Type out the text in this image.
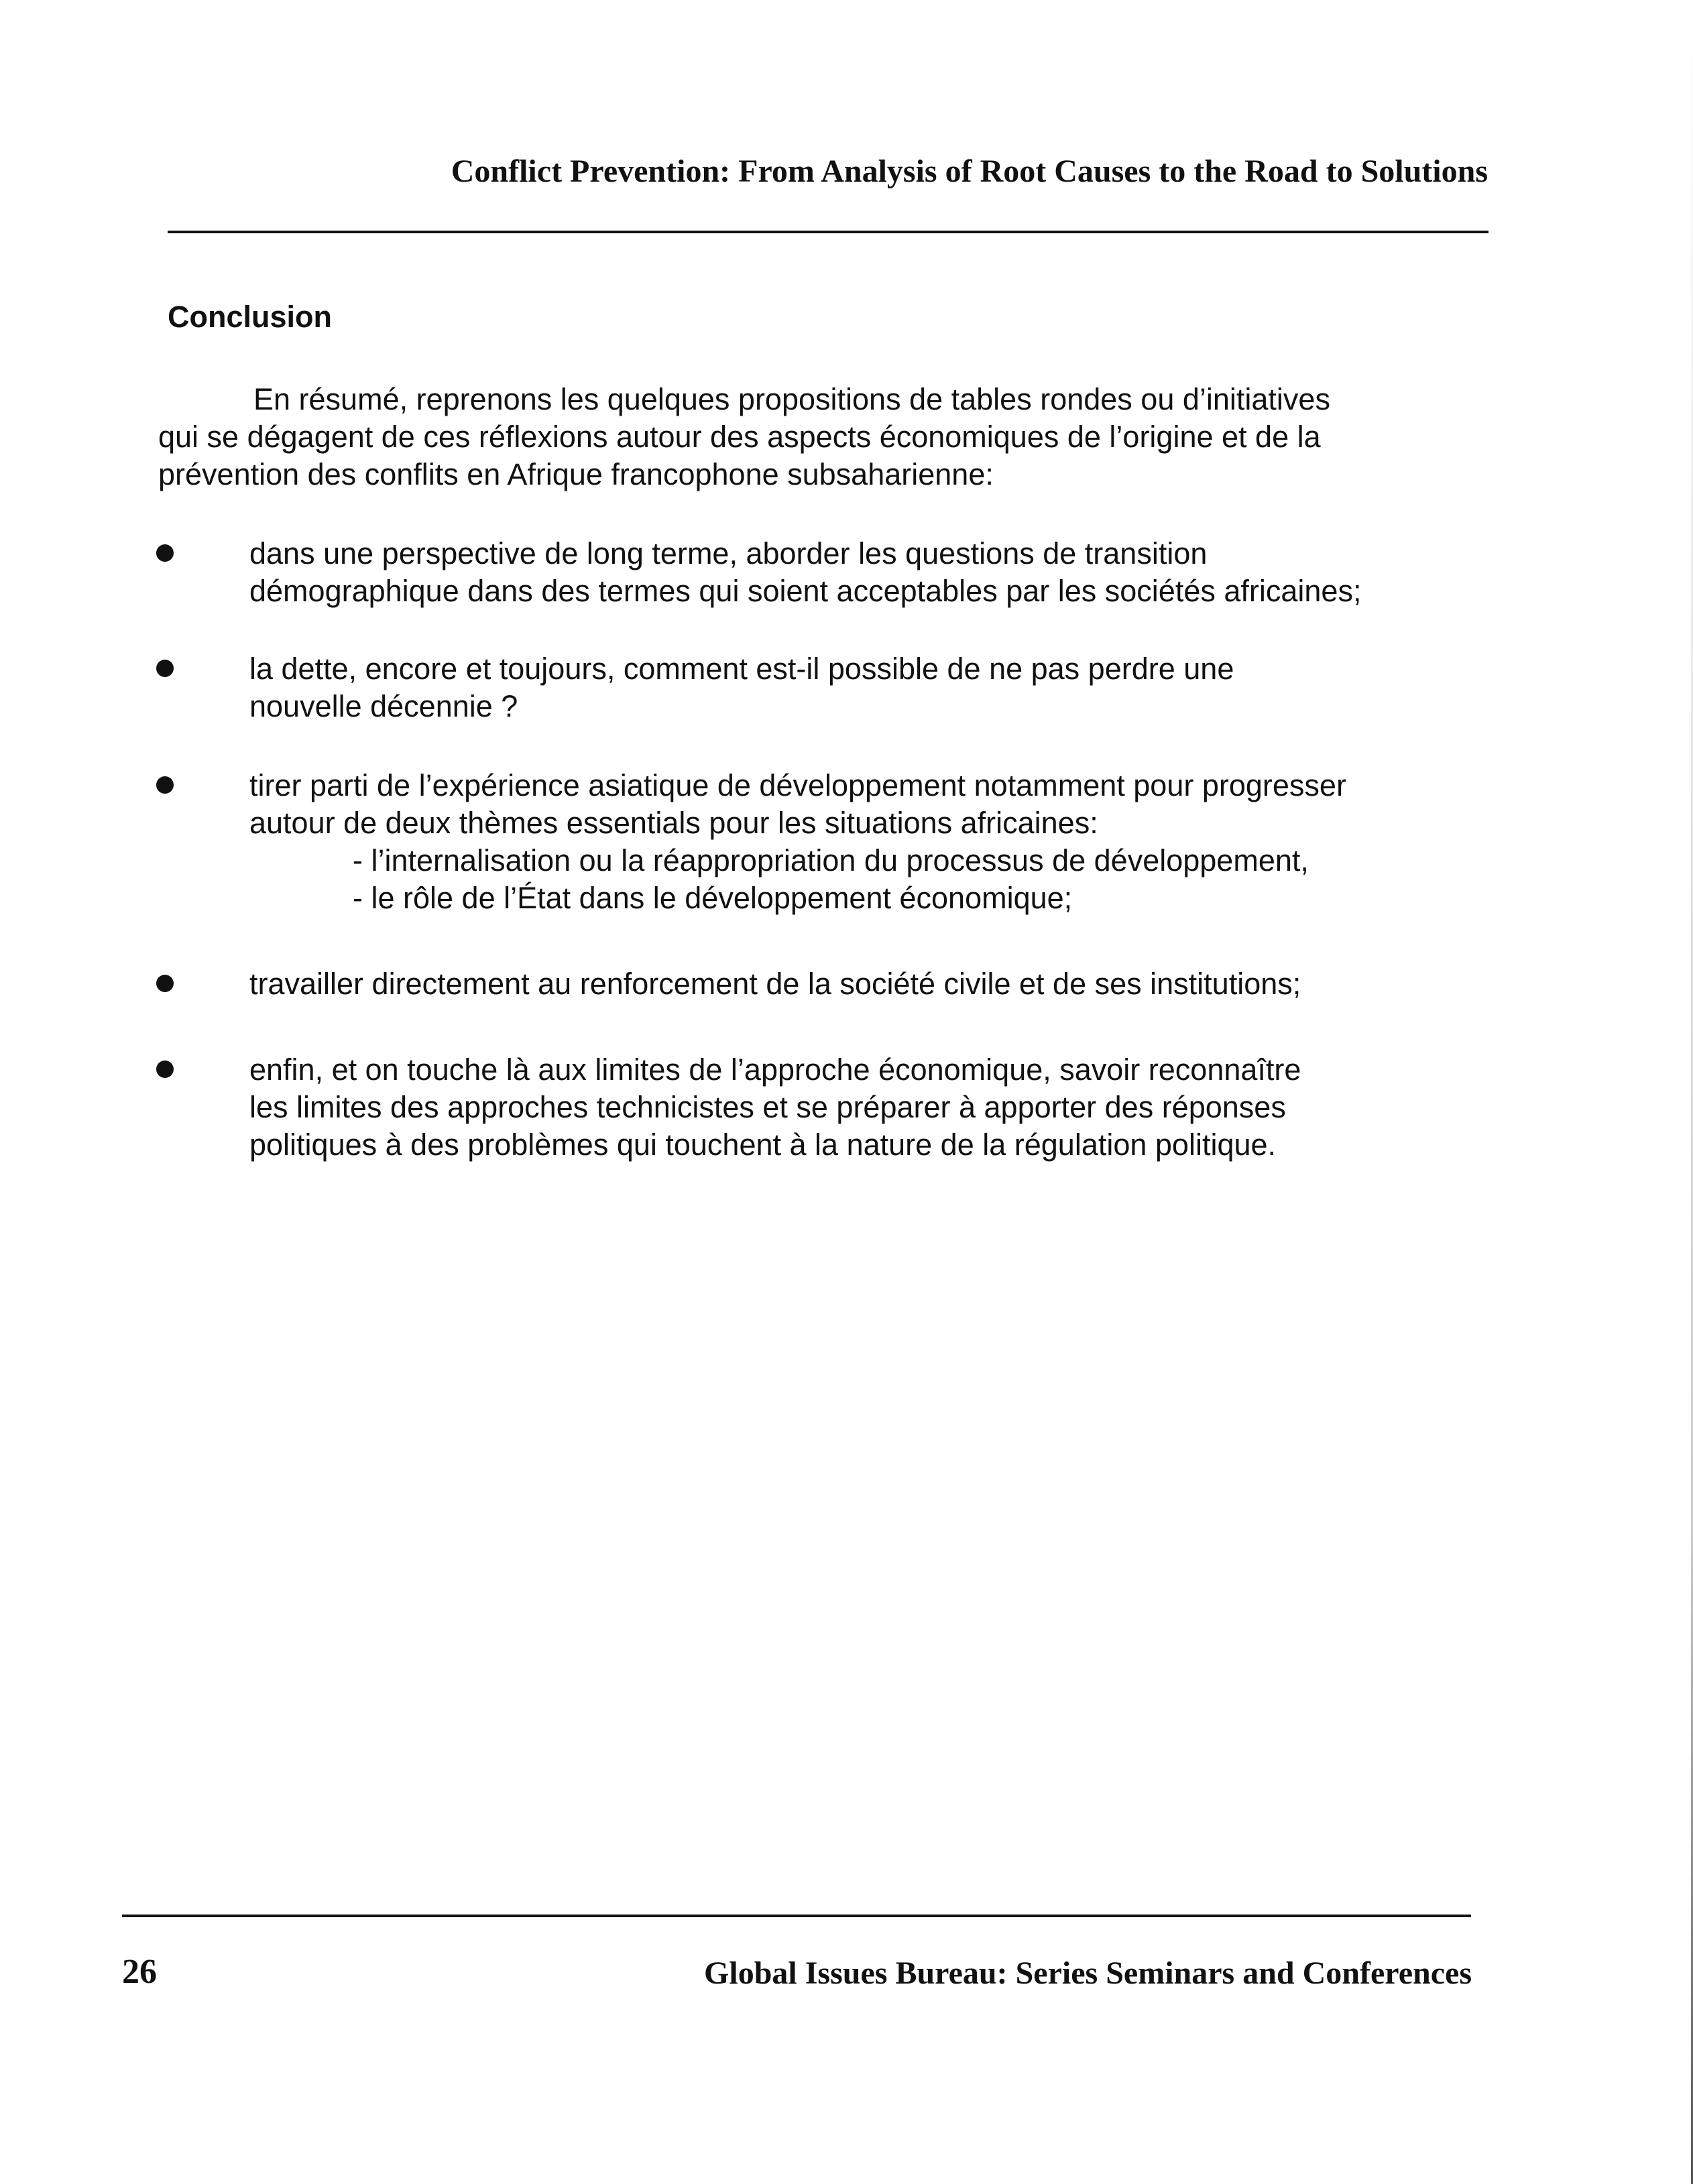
Conflict Prevention: From Analysis of Root Causes to the Road to Solutions

Conclusion

En résumé, reprenons les quelques propositions de tables rondes ou d’initiatives
qui se dégagent de ces réflexions autour des aspects économiques de l’origine et de la
prévention des conflits en Afrique francophone subsaharienne:

dans une perspective de long terme, aborder les questions de transition
démographique dans des termes qui soient acceptables par les sociétés africaines;
la dette, encore et toujours, comment est-il possible de ne pas perdre une
nouvelle décennie ?
tirer parti de l’expérience asiatique de développement notamment pour progresser
autour de deux thèmes essentials pour les situations africaines:
- l’internalisation ou la réappropriation du processus de développement,
- le rôle de l’État dans le développement économique;
travailler directement au renforcement de la société civile et de ses institutions;
enfin, et on touche là aux limites de l’approche économique, savoir reconnaître
les limites des approches technicistes et se préparer à apporter des réponses
politiques à des problèmes qui touchent à la nature de la régulation politique.

26	Global Issues Bureau: Series Seminars and Conferences
